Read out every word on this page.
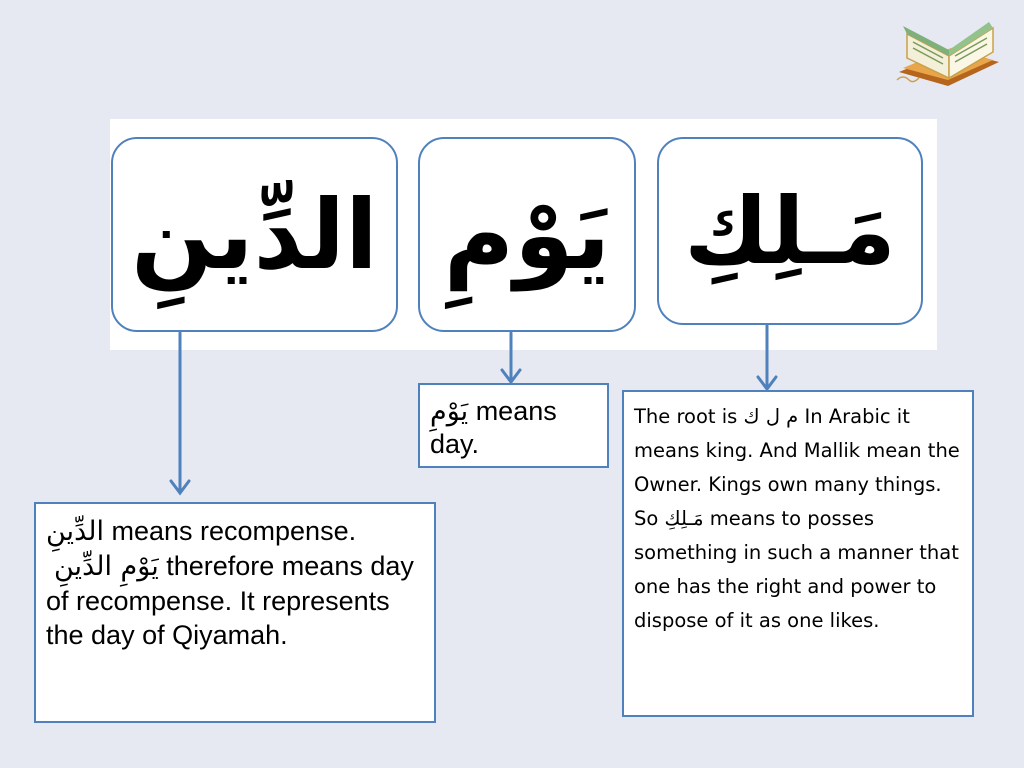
الدِّينِ يَوْمِ مَـلِكِ
يَوْمِ means day.
الدِّينِ means recompense.
يَوْمِ الدِّينِ therefore means day of recompense. It represents the day of Qiyamah.
The root is م ل ك In Arabic it means king. And Mallik mean the Owner. Kings own many things.
So مَـلِكِ means to posses something in such a manner that one has the right and power to dispose of it as one likes.
